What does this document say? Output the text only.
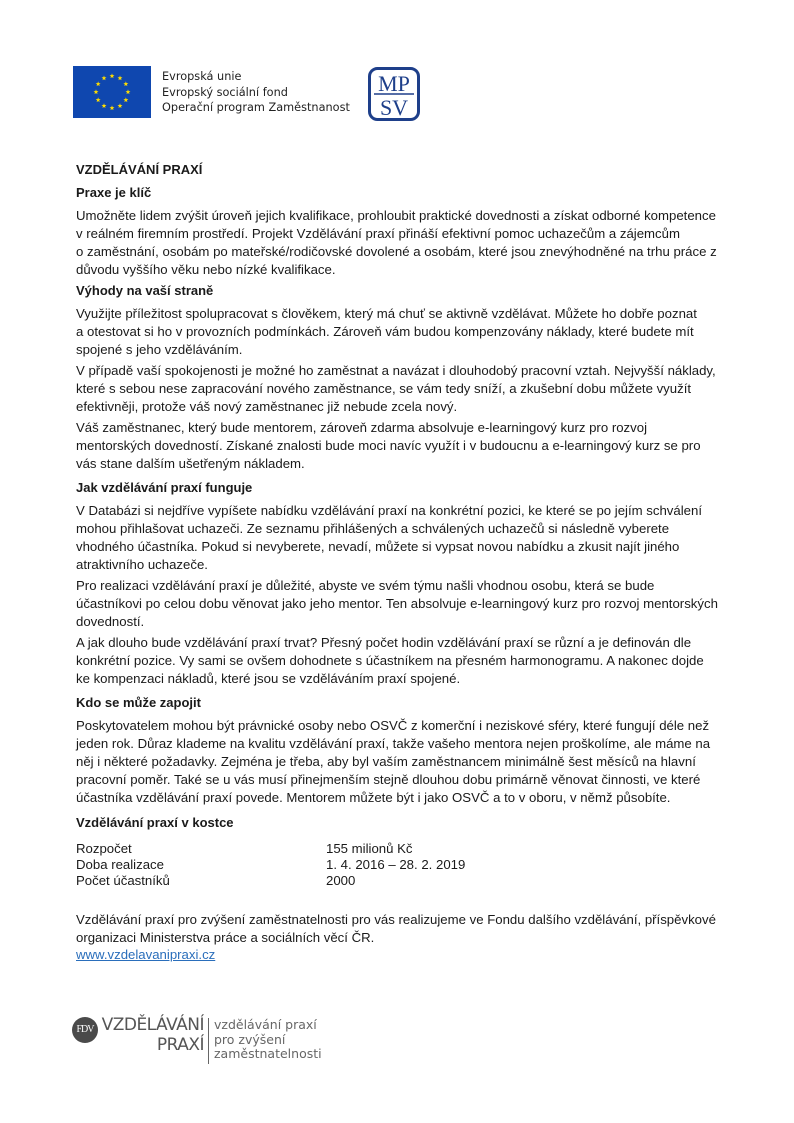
Evropská unie
Evropský sociální fond
Operační program Zaměstnanost
MP
SV
VZDĚLÁVÁNÍ PRAXÍ
Praxe je klíč
Umožněte lidem zvýšit úroveň jejich kvalifikace, prohloubit praktické dovednosti a získat odborné kompetence
v reálném firemním prostředí. Projekt Vzdělávání praxí přináší efektivní pomoc uchazečům a zájemcům
o zaměstnání, osobám po mateřské/rodičovské dovolené a osobám, které jsou znevýhodněné na trhu práce z
důvodu vyššího věku nebo nízké kvalifikace.
Výhody na vaší straně
Využijte příležitost spolupracovat s člověkem, který má chuť se aktivně vzdělávat. Můžete ho dobře poznat
a otestovat si ho v provozních podmínkách. Zároveň vám budou kompenzovány náklady, které budete mít
spojené s jeho vzděláváním.
V případě vaší spokojenosti je možné ho zaměstnat a navázat i dlouhodobý pracovní vztah. Nejvyšší náklady,
které s sebou nese zapracování nového zaměstnance, se vám tedy sníží, a zkušební dobu můžete využít
efektivněji, protože váš nový zaměstnanec již nebude zcela nový.
Váš zaměstnanec, který bude mentorem, zároveň zdarma absolvuje e-learningový kurz pro rozvoj
mentorských dovedností. Získané znalosti bude moci navíc využít i v budoucnu a e-learningový kurz se pro
vás stane dalším ušetřeným nákladem.
Jak vzdělávání praxí funguje
V Databázi si nejdříve vypíšete nabídku vzdělávání praxí na konkrétní pozici, ke které se po jejím schválení
mohou přihlašovat uchazeči. Ze seznamu přihlášených a schválených uchazečů si následně vyberete
vhodného účastníka. Pokud si nevyberete, nevadí, můžete si vypsat novou nabídku a zkusit najít jiného
atraktivního uchazeče.
Pro realizaci vzdělávání praxí je důležité, abyste ve svém týmu našli vhodnou osobu, která se bude
účastníkovi po celou dobu věnovat jako jeho mentor. Ten absolvuje e-learningový kurz pro rozvoj mentorských
dovedností.
A jak dlouho bude vzdělávání praxí trvat? Přesný počet hodin vzdělávání praxí se různí a je definován dle
konkrétní pozice. Vy sami se ovšem dohodnete s účastníkem na přesném harmonogramu. A nakonec dojde
ke kompenzaci nákladů, které jsou se vzděláváním praxí spojené.
Kdo se může zapojit
Poskytovatelem mohou být právnické osoby nebo OSVČ z komerční i neziskové sféry, které fungují déle než
jeden rok. Důraz klademe na kvalitu vzdělávání praxí, takže vašeho mentora nejen proškolíme, ale máme na
něj i některé požadavky. Zejména je třeba, aby byl vaším zaměstnancem minimálně šest měsíců na hlavní
pracovní poměr. Také se u vás musí přinejmenším stejně dlouhou dobu primárně věnovat činnosti, ve které
účastníka vzdělávání praxí povede. Mentorem můžete být i jako OSVČ a to v oboru, v němž působíte.
Vzdělávání praxí v kostce
Rozpočet	155 milionů Kč
Doba realizace	1. 4. 2016 – 28. 2. 2019
Počet účastníků	2000
Vzdělávání praxí pro zvýšení zaměstnatelnosti pro vás realizujeme ve Fondu dalšího vzdělávání, příspěvkové
organizaci Ministerstva práce a sociálních věcí ČR.
www.vzdelavanipraxi.cz
FDV VZDĚLÁVÁNÍ
PRAXÍ
vzdělávání praxí
pro zvýšení
zaměstnatelnosti
